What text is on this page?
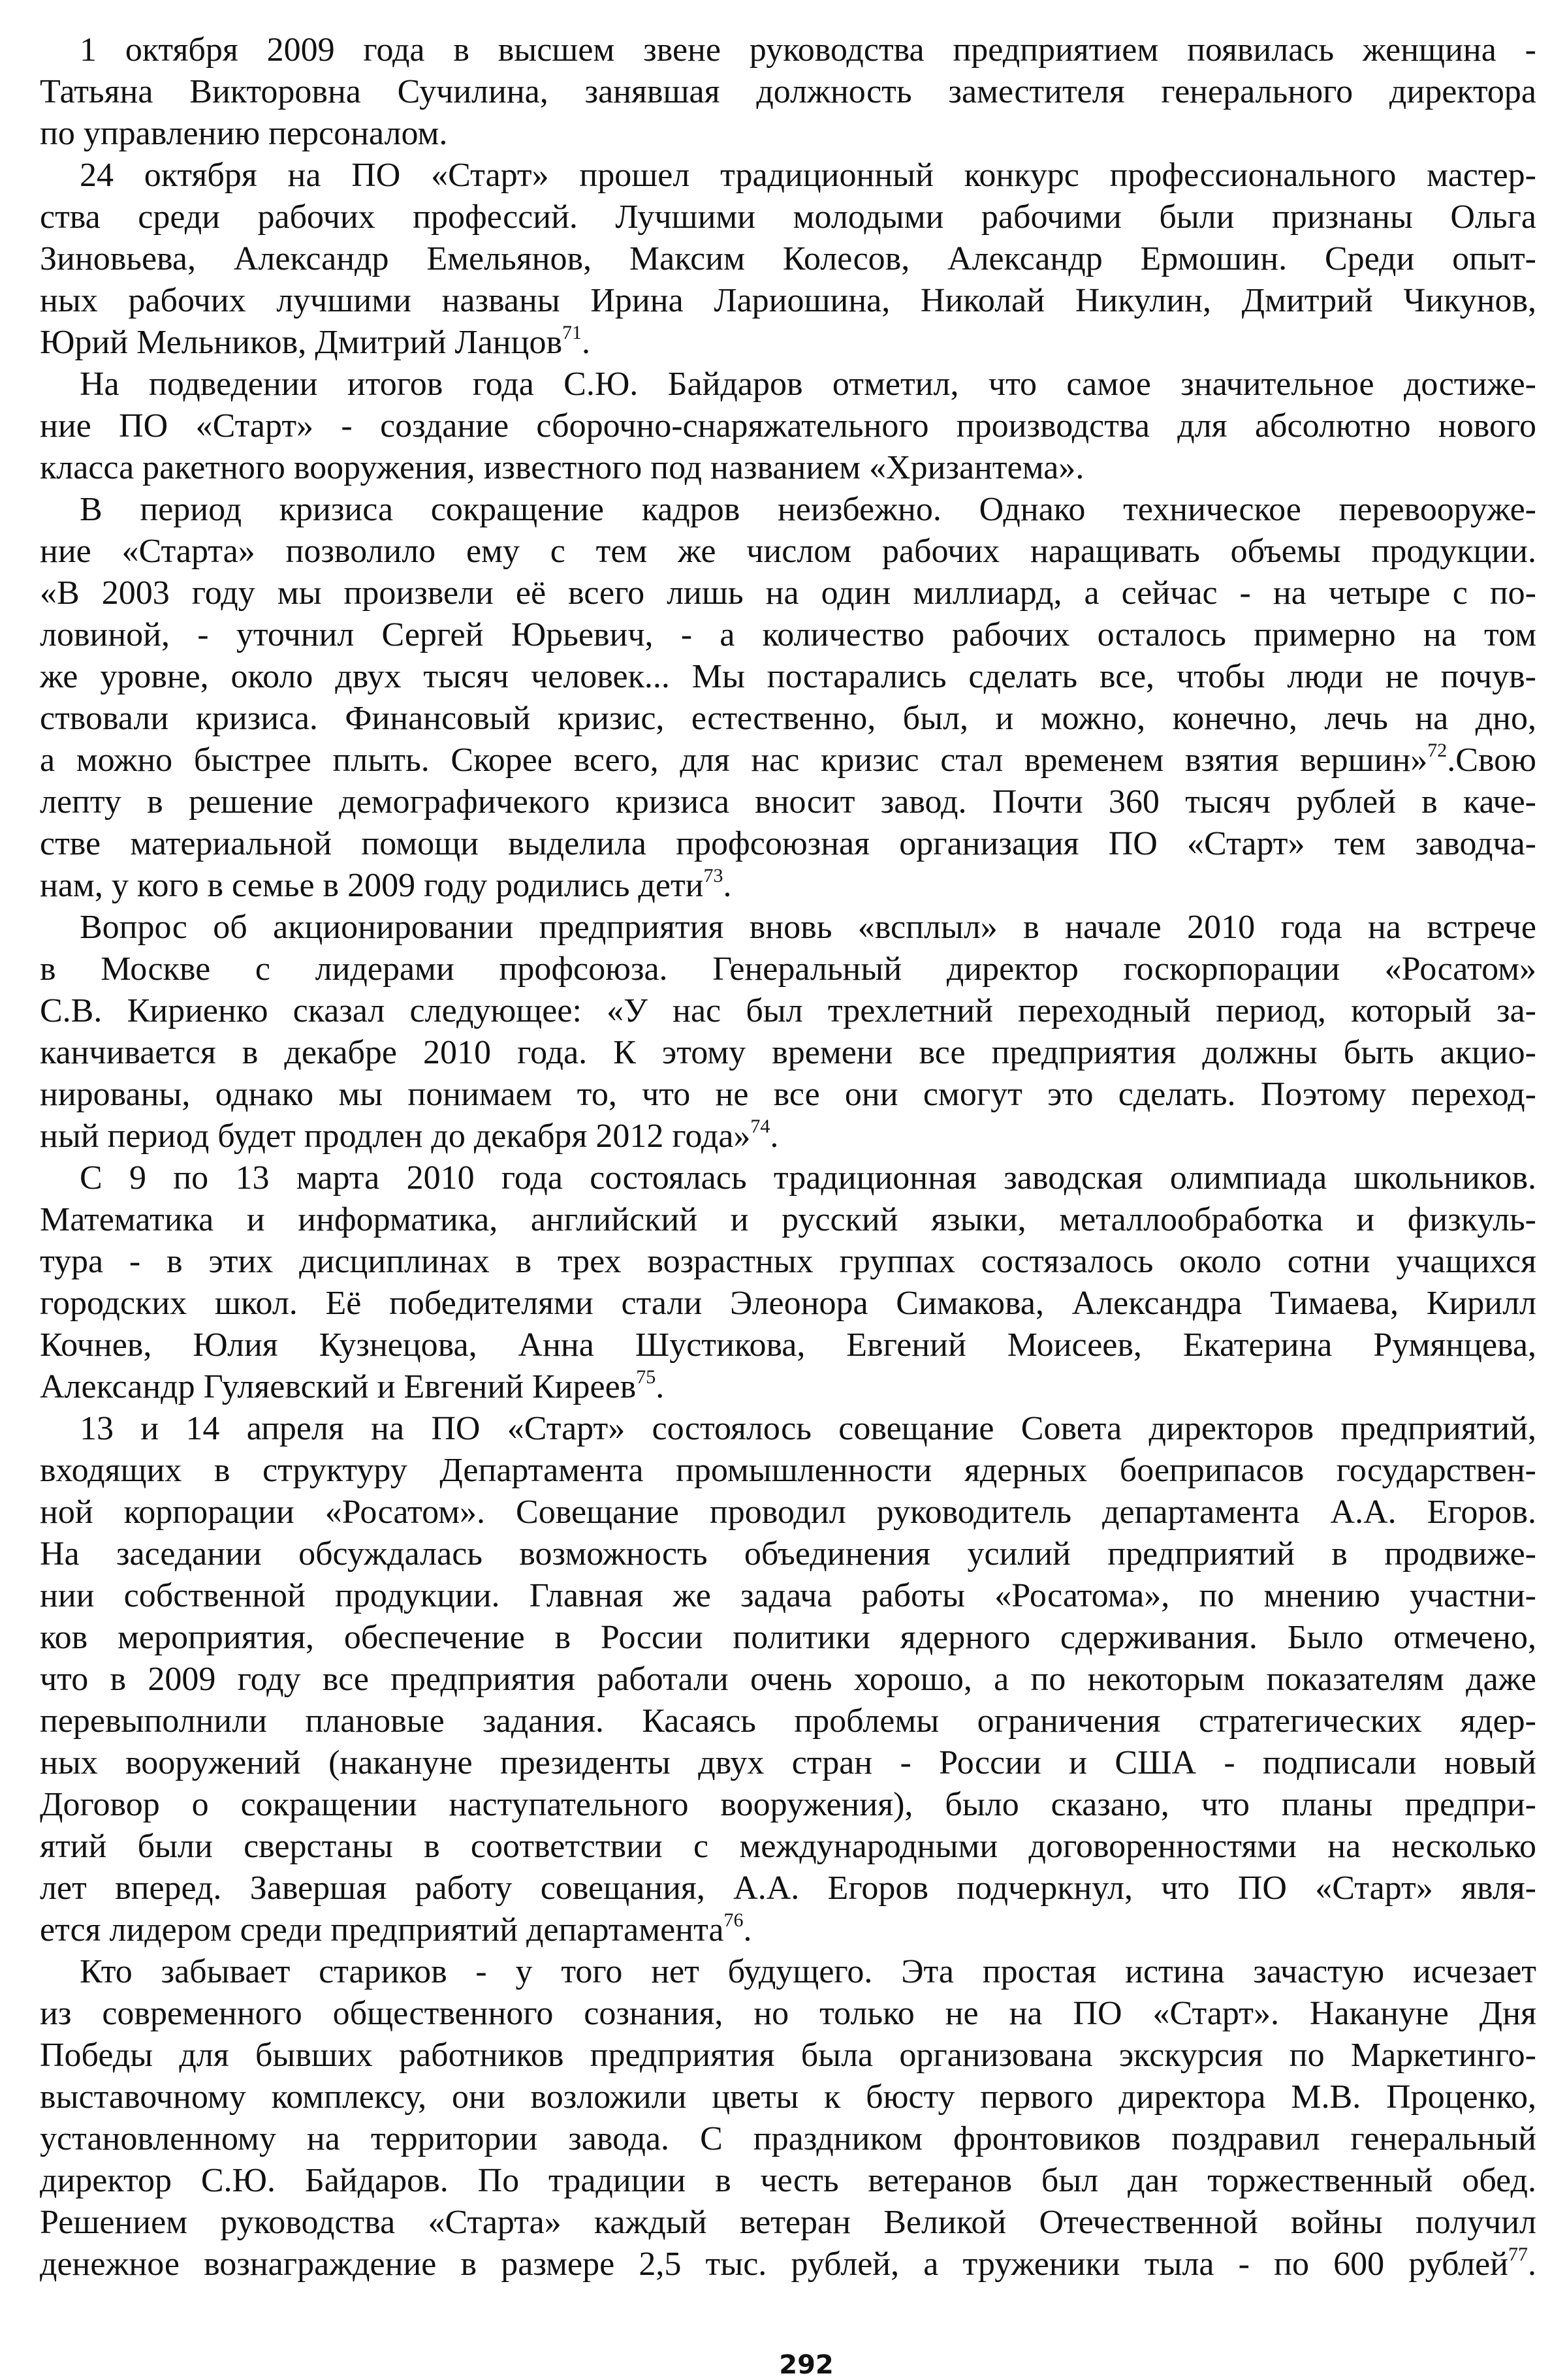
1 октября 2009 года в высшем звене руководства предприятием появилась женщина -
Татьяна Викторовна Сучилина, занявшая должность заместителя генерального директора
по управлению персоналом.
24 октября на ПО «Старт» прошел традиционный конкурс профессионального мастер-
ства среди рабочих профессий. Лучшими молодыми рабочими были признаны Ольга
Зиновьева, Александр Емельянов, Максим Колесов, Александр Ермошин. Среди опыт-
ных рабочих лучшими названы Ирина Лариошина, Николай Никулин, Дмитрий Чикунов,
Юрий Мельников, Дмитрий Ланцов$^{71}$.
На подведении итогов года С.Ю. Байдаров отметил, что самое значительное достиже-
ние ПО «Старт» - создание сборочно-снаряжательного производства для абсолютно нового
класса ракетного вооружения, известного под названием «Хризантема».
В период кризиса сокращение кадров неизбежно. Однако техническое перевооруже-
ние «Старта» позволило ему с тем же числом рабочих наращивать объемы продукции.
«В 2003 году мы произвели её всего лишь на один миллиард, а сейчас - на четыре с по-
ловиной, - уточнил Сергей Юрьевич, - а количество рабочих осталось примерно на том
же уровне, около двух тысяч человек... Мы постарались сделать все, чтобы люди не почув-
ствовали кризиса. Финансовый кризис, естественно, был, и можно, конечно, лечь на дно,
а можно быстрее плыть. Скорее всего, для нас кризис стал временем взятия вершин»$^{72}$.Свою
лепту в решение демографичекого кризиса вносит завод. Почти 360 тысяч рублей в каче-
стве материальной помощи выделила профсоюзная организация ПО «Старт» тем заводча-
нам, у кого в семье в 2009 году родились дети$^{73}$.
Вопрос об акционировании предприятия вновь «всплыл» в начале 2010 года на встрече
в Москве с лидерами профсоюза. Генеральный директор госкорпорации «Росатом»
С.В. Кириенко сказал следующее: «У нас был трехлетний переходный период, который за-
канчивается в декабре 2010 года. К этому времени все предприятия должны быть акцио-
нированы, однако мы понимаем то, что не все они смогут это сделать. Поэтому переход-
ный период будет продлен до декабря 2012 года»$^{74}$.
С 9 по 13 марта 2010 года состоялась традиционная заводская олимпиада школьников.
Математика и информатика, английский и русский языки, металлообработка и физкуль-
тура - в этих дисциплинах в трех возрастных группах состязалось около сотни учащихся
городских школ. Её победителями стали Элеонора Симакова, Александра Тимаева, Кирилл
Кочнев, Юлия Кузнецова, Анна Шустикова, Евгений Моисеев, Екатерина Румянцева,
Александр Гуляевский и Евгений Киреев$^{75}$.
13 и 14 апреля на ПО «Старт» состоялось совещание Совета директоров предприятий,
входящих в структуру Департамента промышленности ядерных боеприпасов государствен-
ной корпорации «Росатом». Совещание проводил руководитель департамента А.А. Егоров.
На заседании обсуждалась возможность объединения усилий предприятий в продвиже-
нии собственной продукции. Главная же задача работы «Росатома», по мнению участни-
ков мероприятия, обеспечение в России политики ядерного сдерживания. Было отмечено,
что в 2009 году все предприятия работали очень хорошо, а по некоторым показателям даже
перевыполнили плановые задания. Касаясь проблемы ограничения стратегических ядер-
ных вооружений (накануне президенты двух стран - России и США - подписали новый
Договор о сокращении наступательного вооружения), было сказано, что планы предпри-
ятий были сверстаны в соответствии с международными договоренностями на несколько
лет вперед. Завершая работу совещания, А.А. Егоров подчеркнул, что ПО «Старт» явля-
ется лидером среди предприятий департамента$^{76}$.
Кто забывает стариков - у того нет будущего. Эта простая истина зачастую исчезает
из современного общественного сознания, но только не на ПО «Старт». Накануне Дня
Победы для бывших работников предприятия была организована экскурсия по Маркетинго-
выставочному комплексу, они возложили цветы к бюсту первого директора М.В. Проценко,
установленному на территории завода. С праздником фронтовиков поздравил генеральный
директор С.Ю. Байдаров. По традиции в честь ветеранов был дан торжественный обед.
Решением руководства «Старта» каждый ветеран Великой Отечественной войны получил
денежное вознаграждение в размере 2,5 тыс. рублей, а труженики тыла - по 600 рублей$^{77}$.
292
